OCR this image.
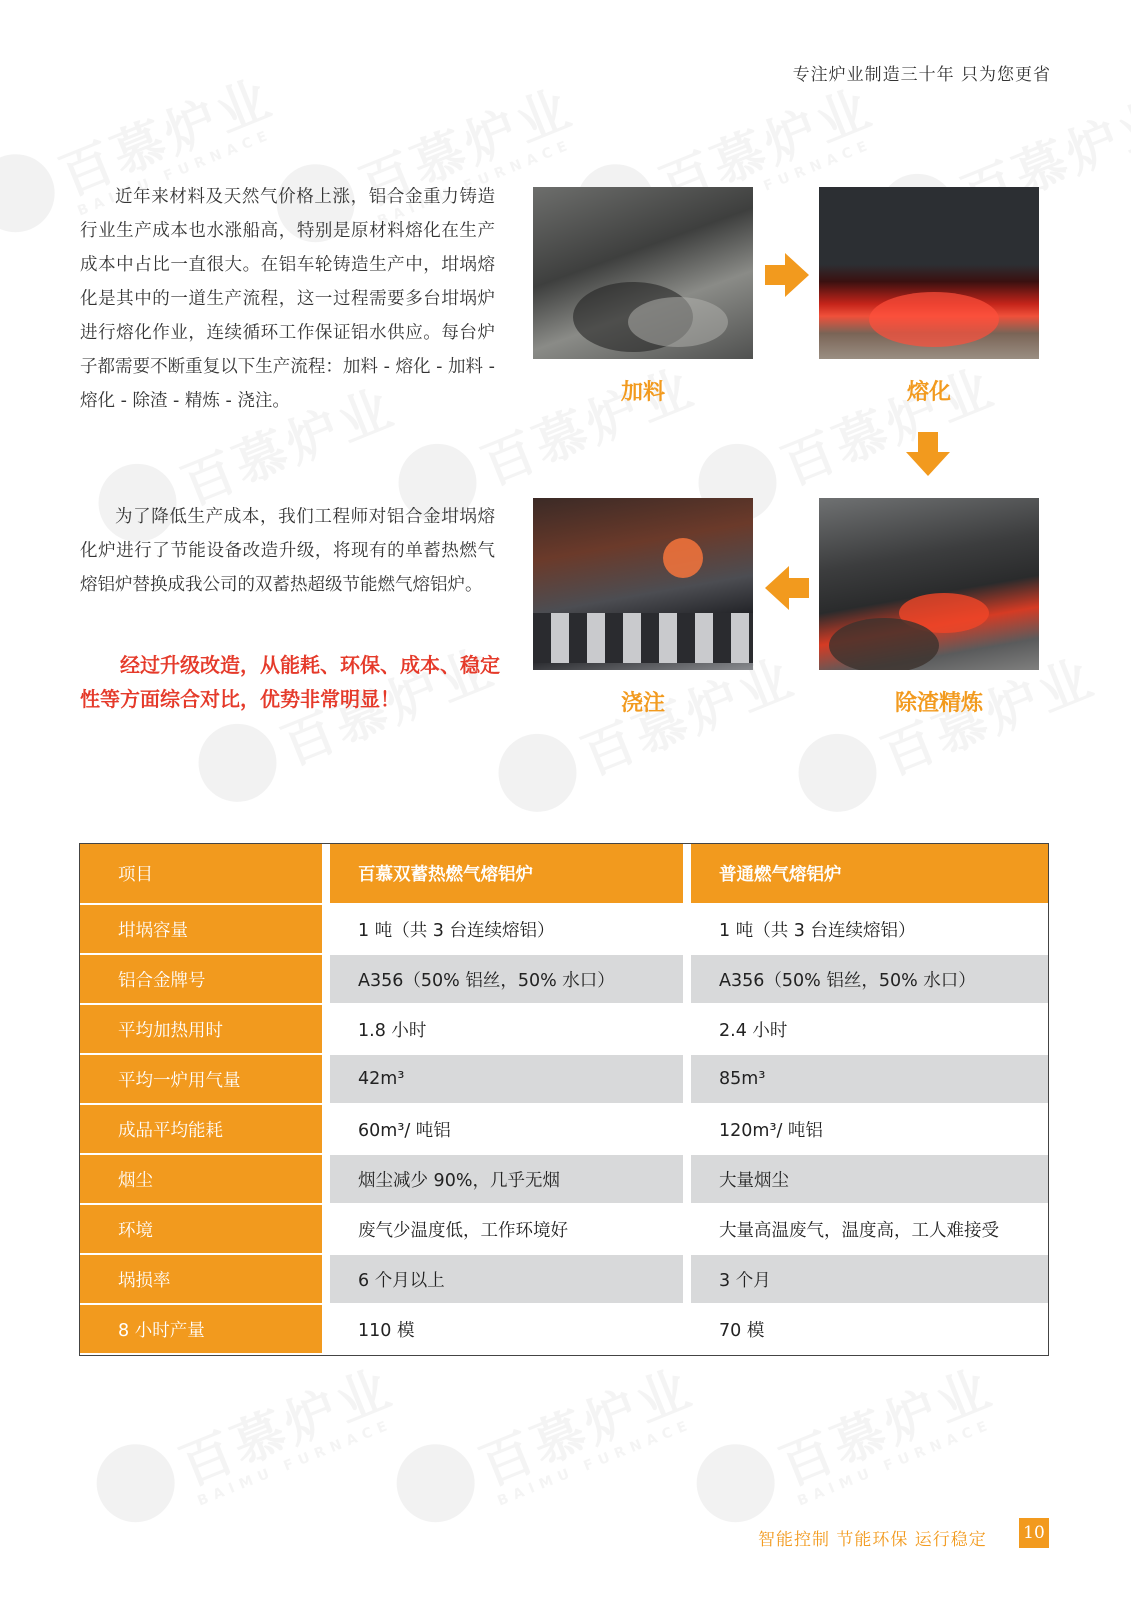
专注炉业制造三十年 只为您更省

近年来材料及天然气价格上涨，铝合金重力铸造行业生产成本也水涨船高，特别是原材料熔化在生产成本中占比一直很大。在铝车轮铸造生产中，坩埚熔化是其中的一道生产流程，这一过程需要多台坩埚炉进行熔化作业，连续循环工作保证铝水供应。每台炉子都需要不断重复以下生产流程：加料 - 熔化 - 加料 - 熔化 - 除渣 - 精炼 - 浇注。

为了降低生产成本，我们工程师对铝合金坩埚熔化炉进行了节能设备改造升级，将现有的单蓄热燃气熔铝炉替换成我公司的双蓄热超级节能燃气熔铝炉。

经过升级改造，从能耗、环保、成本、稳定性等方面综合对比，优势非常明显！
加料	熔化
浇注	除渣精炼
项目	百慕双蓄热燃气熔铝炉	普通燃气熔铝炉
坩埚容量	1 吨（共 3 台连续熔铝）	1 吨（共 3 台连续熔铝）
铝合金牌号	A356（50% 铝丝，50% 水口）	A356（50% 铝丝，50% 水口）
平均加热用时	1.8 小时	2.4 小时
平均一炉用气量	42m³	85m³
成品平均能耗	60m³/ 吨铝	120m³/ 吨铝
烟尘	烟尘减少 90%，几乎无烟	大量烟尘
环境	废气少温度低，工作环境好	大量高温废气，温度高，工人难接受
埚损率	6 个月以上	3 个月
8 小时产量	110 模	70 模
智能控制 节能环保 运行稳定 10
